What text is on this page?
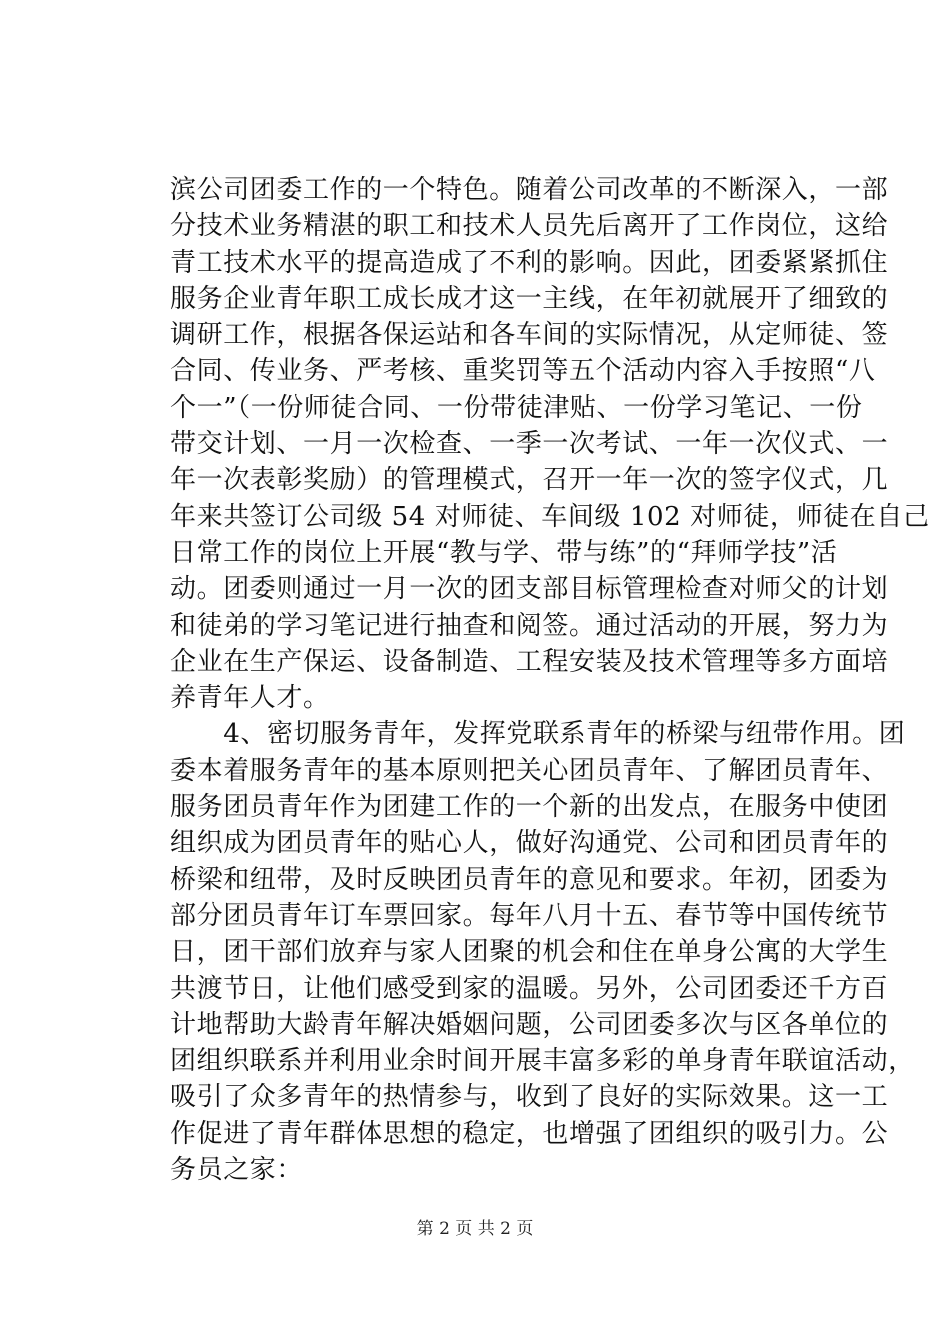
滨公司团委工作的一个特色。随着公司改革的不断深入，一部
分技术业务精湛的职工和技术人员先后离开了工作岗位，这给
青工技术水平的提高造成了不利的影响。因此，团委紧紧抓住
服务企业青年职工成长成才这一主线，在年初就展开了细致的
调研工作，根据各保运站和各车间的实际情况，从定师徒、签
合同、传业务、严考核、重奖罚等五个活动内容入手按照“八
个一”（一份师徒合同、一份带徒津贴、一份学习笔记、一份
带交计划、一月一次检查、一季一次考试、一年一次仪式、一
年一次表彰奖励）的管理模式，召开一年一次的签字仪式，几
年来共签订公司级 54 对师徒、车间级 102 对师徒，师徒在自己
日常工作的岗位上开展“教与学、带与练”的“拜师学技”活
动。团委则通过一月一次的团支部目标管理检查对师父的计划
和徒弟的学习笔记进行抽查和阅签。通过活动的开展，努力为
企业在生产保运、设备制造、工程安装及技术管理等多方面培
养青年人才。
　　4、密切服务青年，发挥党联系青年的桥梁与纽带作用。团
委本着服务青年的基本原则把关心团员青年、了解团员青年、
服务团员青年作为团建工作的一个新的出发点，在服务中使团
组织成为团员青年的贴心人，做好沟通党、公司和团员青年的
桥梁和纽带，及时反映团员青年的意见和要求。年初，团委为
部分团员青年订车票回家。每年八月十五、春节等中国传统节
日，团干部们放弃与家人团聚的机会和住在单身公寓的大学生
共渡节日，让他们感受到家的温暖。另外，公司团委还千方百
计地帮助大龄青年解决婚姻问题，公司团委多次与区各单位的
团组织联系并利用业余时间开展丰富多彩的单身青年联谊活动，
吸引了众多青年的热情参与，收到了良好的实际效果。这一工
作促进了青年群体思想的稳定，也增强了团组织的吸引力。公
务员之家：
第 2 页 共 2 页
